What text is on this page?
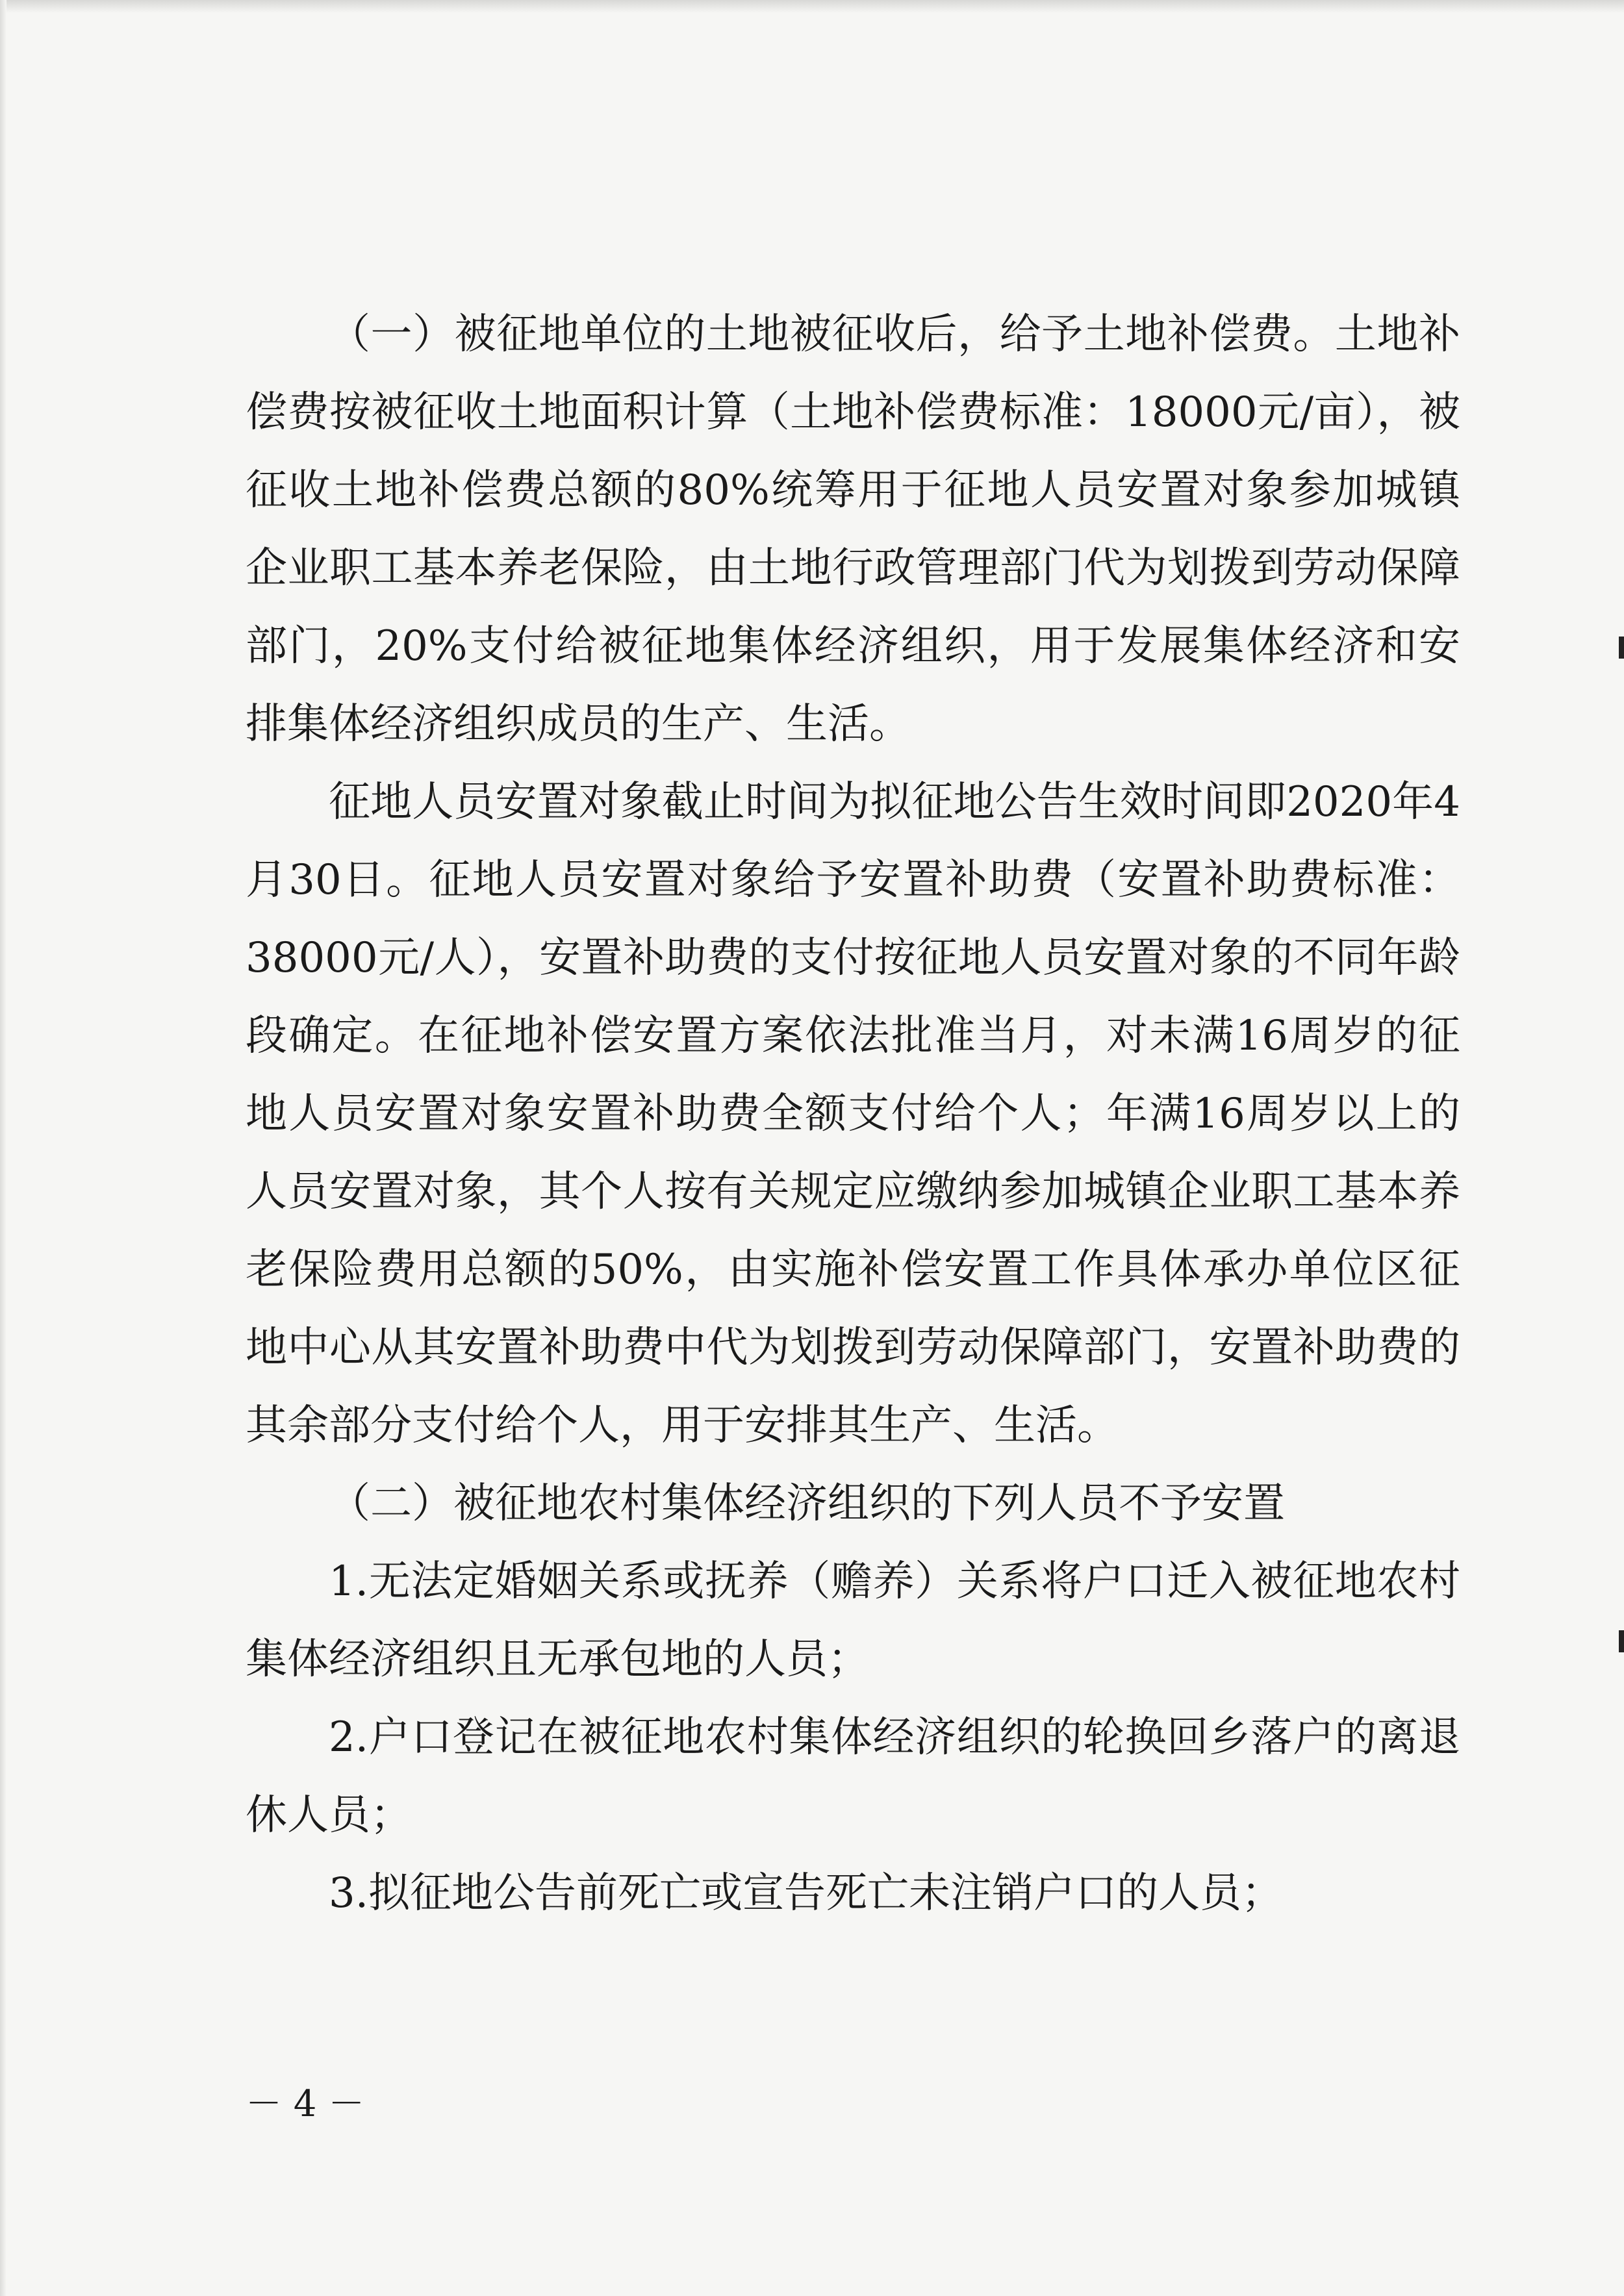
（一）被征地单位的土地被征收后，给予土地补偿费。土地补偿费按被征收土地面积计算（土地补偿费标准：18000元/亩），被征收土地补偿费总额的80%统筹用于征地人员安置对象参加城镇企业职工基本养老保险，由土地行政管理部门代为划拨到劳动保障部门，20%支付给被征地集体经济组织，用于发展集体经济和安排集体经济组织成员的生产、生活。

征地人员安置对象截止时间为拟征地公告生效时间即2020年4月30日。征地人员安置对象给予安置补助费（安置补助费标准：38000元/人），安置补助费的支付按征地人员安置对象的不同年龄段确定。在征地补偿安置方案依法批准当月，对未满16周岁的征地人员安置对象安置补助费全额支付给个人；年满16周岁以上的人员安置对象，其个人按有关规定应缴纳参加城镇企业职工基本养老保险费用总额的50%，由实施补偿安置工作具体承办单位区征地中心从其安置补助费中代为划拨到劳动保障部门，安置补助费的其余部分支付给个人，用于安排其生产、生活。

（二）被征地农村集体经济组织的下列人员不予安置

1.无法定婚姻关系或抚养（赡养）关系将户口迁入被征地农村集体经济组织且无承包地的人员；

2.户口登记在被征地农村集体经济组织的轮换回乡落户的离退休人员；

3.拟征地公告前死亡或宣告死亡未注销户口的人员；

－ 4 －
